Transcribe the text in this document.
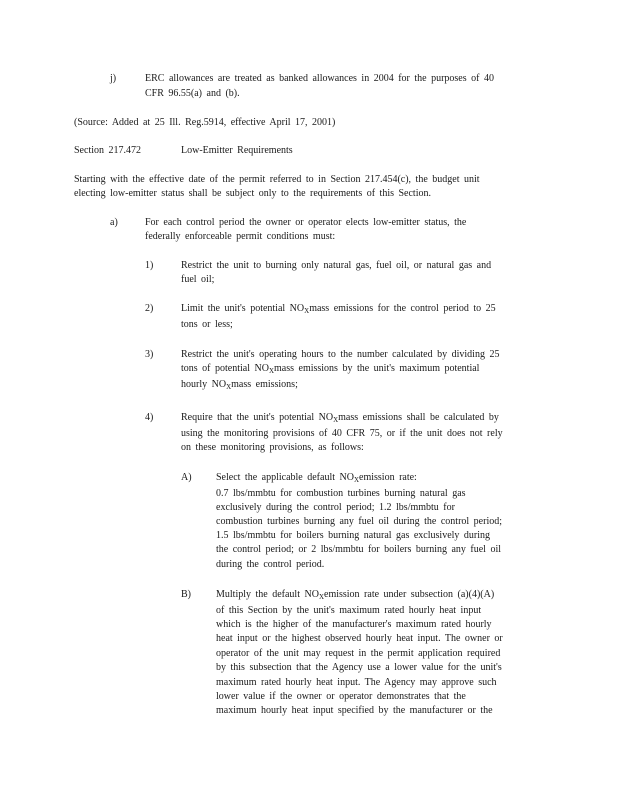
j)	ERC allowances are treated as banked allowances in 2004 for the purposes of 40
CFR 96.55(a) and (b).
(Source: Added at 25 Ill. Reg.5914, effective April 17, 2001)
Section 217.472	Low-Emitter Requirements
Starting with the effective date of the permit referred to in Section 217.454(c), the budget unit
electing low-emitter status shall be subject only to the requirements of this Section.
a)	For each control period the owner or operator elects low-emitter status, the
federally enforceable permit conditions must:
1)	Restrict the unit to burning only natural gas, fuel oil, or natural gas and
fuel oil;
2)	Limit the unit's potential $NO_Xmass$ emissions for the control period to 25
tons or less;
3)	Restrict the unit's operating hours to the number calculated by dividing 25
tons of potential $NO_Xmass$ emissions by the unit's maximum potential
hourly $NO_Xmass$ emissions;
4)	Require that the unit's potential $NO_Xmass$ emissions shall be calculated by
using the monitoring provisions of 40 CFR 75, or if the unit does not rely
on these monitoring provisions, as follows:
A) Select the applicable default $NO_Xemission$ rate:
0.7 lbs/mmbtu for combustion turbines burning natural gas
exclusively during the control period; 1.2 lbs/mmbtu for
combustion turbines burning any fuel oil during the control period;
1.5 lbs/mmbtu for boilers burning natural gas exclusively during
the control period; or 2 lbs/mmbtu for boilers burning any fuel oil
during the control period.
B)	Multiply the default $NO_Xemission$ rate under subsection (a)(4)(A)
of this Section by the unit's maximum rated hourly heat input
which is the higher of the manufacturer's maximum rated hourly
heat input or the highest observed hourly heat input. The owner or
operator of the unit may request in the permit application required
by this subsection that the Agency use a lower value for the unit's
maximum rated hourly heat input. The Agency may approve such
lower value if the owner or operator demonstrates that the
maximum hourly heat input specified by the manufacturer or the
